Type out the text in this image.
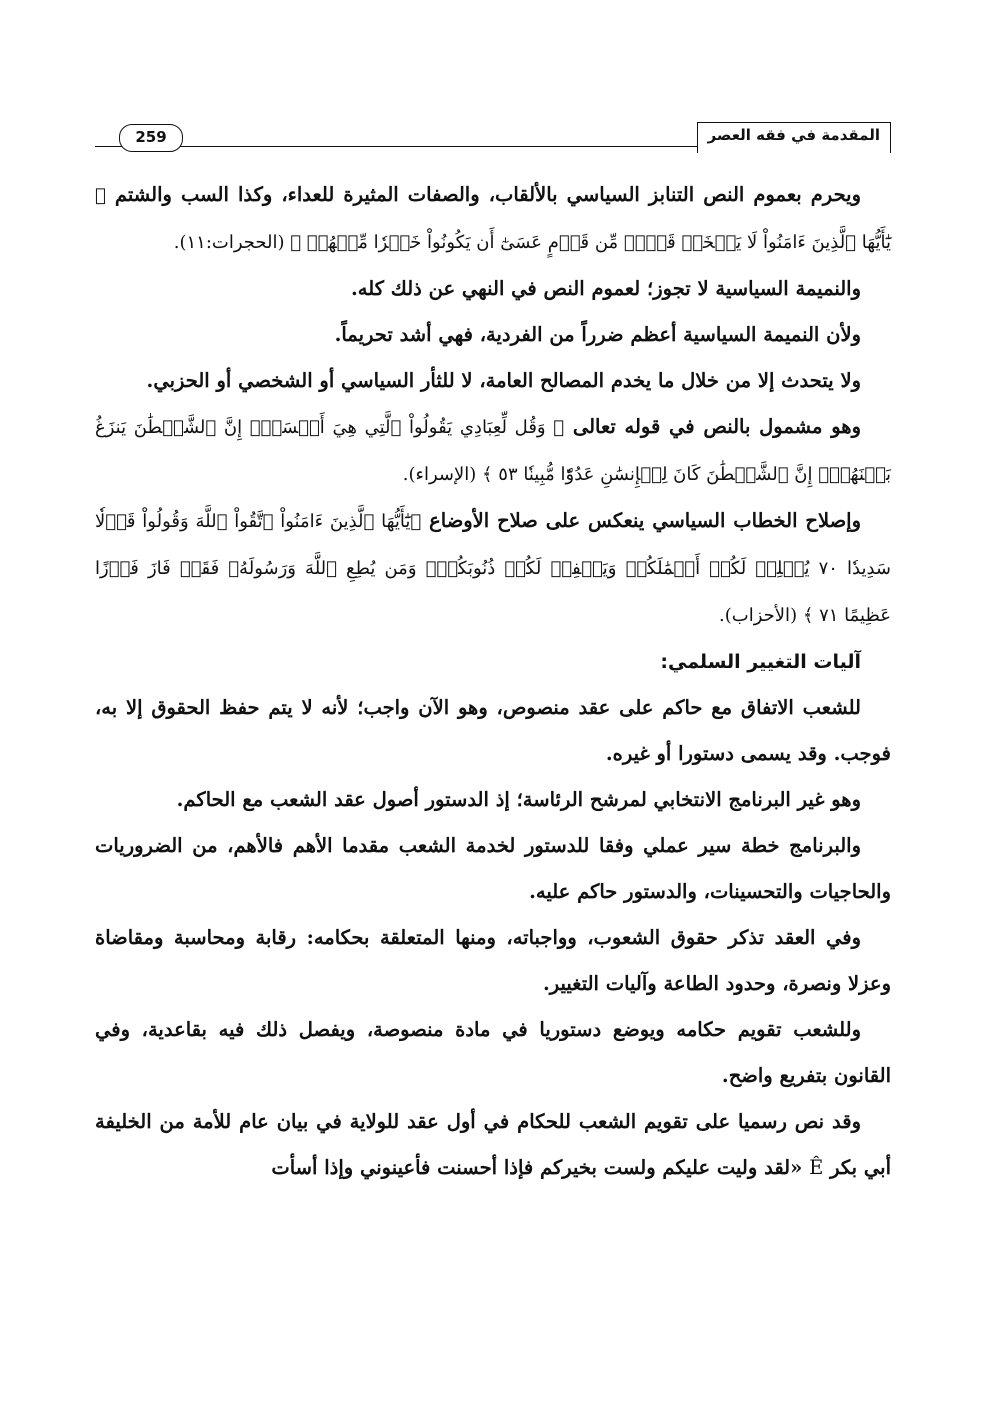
المقدمة في فقه العصر
259

ويحرم بعموم النص التنابز السياسي بالألقاب، والصفات المثيرة للعداء، وكذا السب والشتم ﴿ يَٰٓأَيُّهَا ٱلَّذِينَ ءَامَنُواْ لَا يَسۡخَرۡ قَوۡمٞ مِّن قَوۡمٍ عَسَىٰٓ أَن يَكُونُواْ خَيۡرٗا مِّنۡهُمۡ ﴾ (الحجرات:١١).

والنميمة السياسية لا تجوز؛ لعموم النص في النهي عن ذلك كله.

ولأن النميمة السياسية أعظم ضرراً من الفردية، فهي أشد تحريماً.

ولا يتحدث إلا من خلال ما يخدم المصالح العامة، لا للثأر السياسي أو الشخصي أو الحزبي.

وهو مشمول بالنص في قوله تعالى ﴿ وَقُل لِّعِبَادِي يَقُولُواْ ٱلَّتِي هِيَ أَحۡسَنُۚ إِنَّ ٱلشَّيۡطَٰنَ يَنزَغُ بَيۡنَهُمۡۚ إِنَّ ٱلشَّيۡطَٰنَ كَانَ لِلۡإِنسَٰنِ عَدُوّٗا مُّبِينٗا ٥٣ ﴾ (الإسراء).

وإصلاح الخطاب السياسي ينعكس على صلاح الأوضاع ﴿يَٰٓأَيُّهَا ٱلَّذِينَ ءَامَنُواْ ٱتَّقُواْ ٱللَّهَ وَقُولُواْ قَوۡلٗا سَدِيدٗا ٧٠ يُصۡلِحۡ لَكُمۡ أَعۡمَٰلَكُمۡ وَيَغۡفِرۡ لَكُمۡ ذُنُوبَكُمۡۗ وَمَن يُطِعِ ٱللَّهَ وَرَسُولَهُۥ فَقَدۡ فَازَ فَوۡزًا عَظِيمًا ٧١ ﴾ (الأحزاب).

آليات التغيير السلمي:

للشعب الاتفاق مع حاكم على عقد منصوص، وهو الآن واجب؛ لأنه لا يتم حفظ الحقوق إلا به، فوجب. وقد يسمى دستورا أو غيره.

وهو غير البرنامج الانتخابي لمرشح الرئاسة؛ إذ الدستور أصول عقد الشعب مع الحاكم.

والبرنامج خطة سير عملي وفقا للدستور لخدمة الشعب مقدما الأهم فالأهم، من الضروريات والحاجيات والتحسينات، والدستور حاكم عليه.

وفي العقد تذكر حقوق الشعوب، وواجباته، ومنها المتعلقة بحكامه: رقابة ومحاسبة ومقاضاة وعزلا ونصرة، وحدود الطاعة وآليات التغيير.

وللشعب تقويم حكامه ويوضع دستوريا في مادة منصوصة، ويفصل ذلك فيه بقاعدية، وفي القانون بتفريع واضح.

وقد نص رسميا على تقويم الشعب للحكام في أول عقد للولاية في بيان عام للأمة من الخليفة أبي بكر Ê «لقد وليت عليكم ولست بخيركم فإذا أحسنت فأعينوني وإذا أسأت
